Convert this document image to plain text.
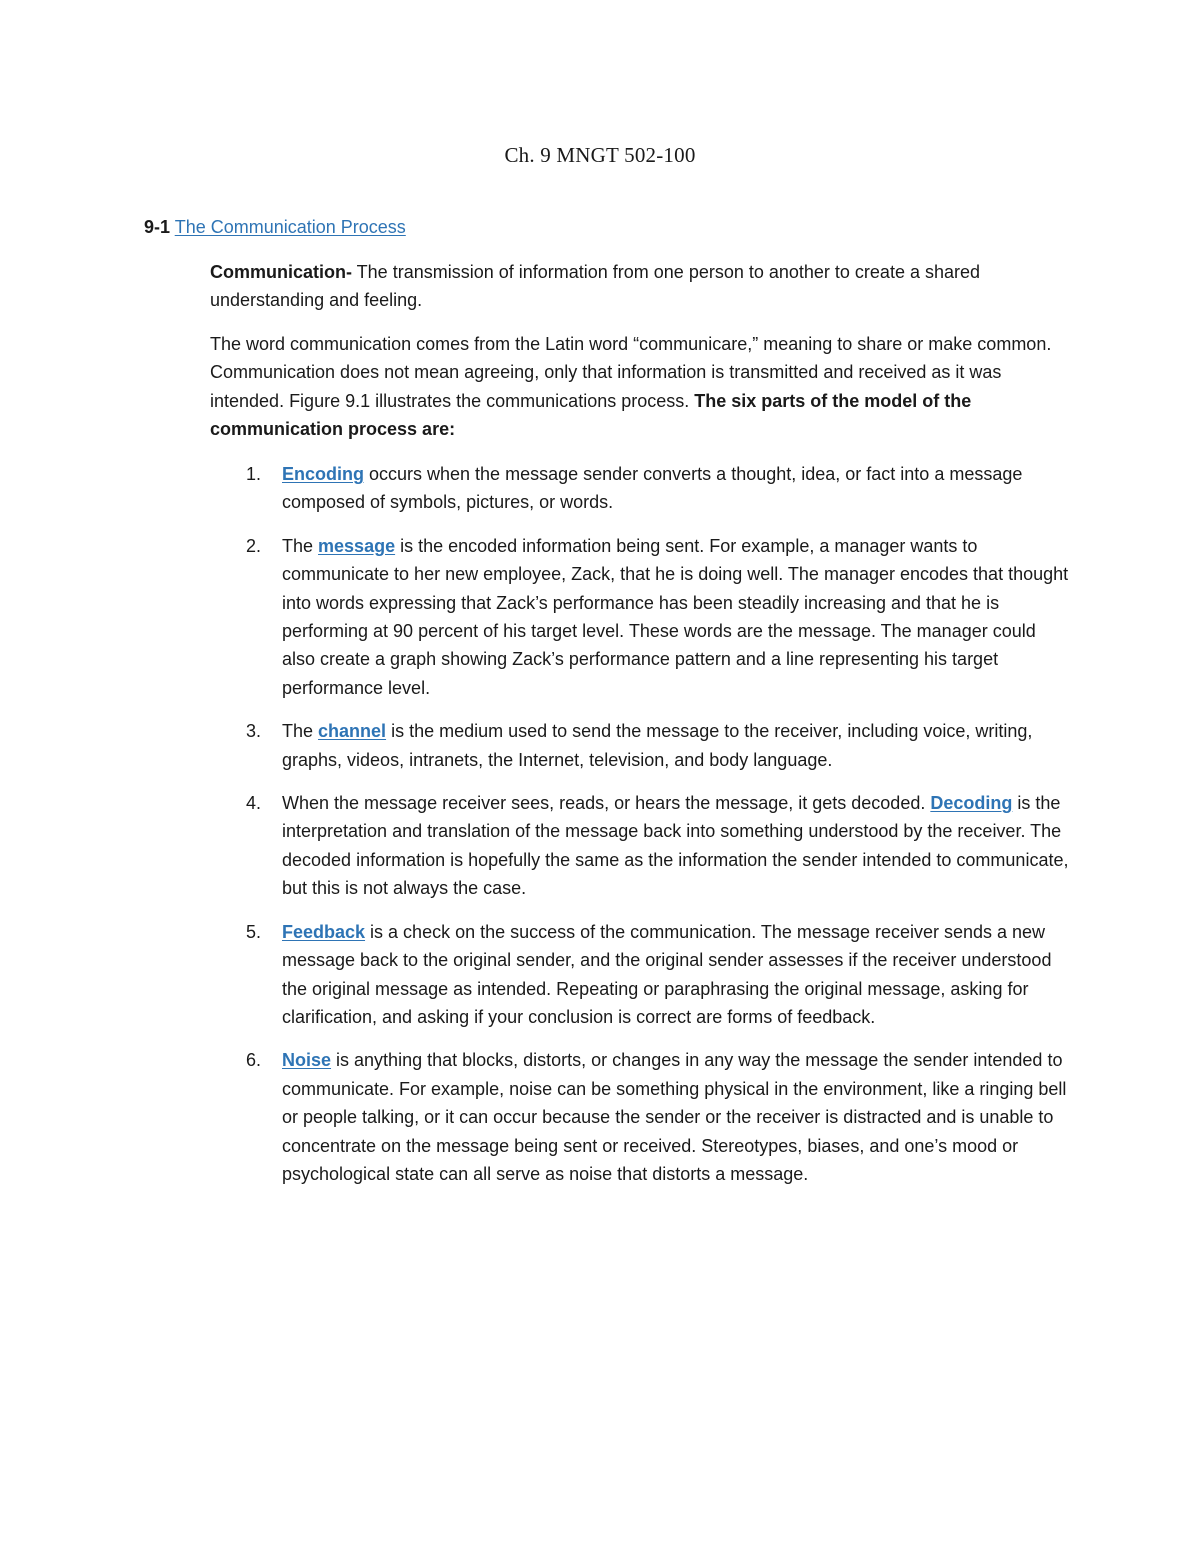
Ch. 9 MNGT 502-100
9-1 The Communication Process

Communication- The transmission of information from one person to another to create a shared understanding and feeling.

The word communication comes from the Latin word “communicare,” meaning to share or make common. Communication does not mean agreeing, only that information is transmitted and received as it was intended. Figure 9.1 illustrates the communications process. The six parts of the model of the communication process are:

1. Encoding occurs when the message sender converts a thought, idea, or fact into a message composed of symbols, pictures, or words.
2. The message is the encoded information being sent. For example, a manager wants to communicate to her new employee, Zack, that he is doing well. The manager encodes that thought into words expressing that Zack’s performance has been steadily increasing and that he is performing at 90 percent of his target level. These words are the message. The manager could also create a graph showing Zack’s performance pattern and a line representing his target performance level.
3. The channel is the medium used to send the message to the receiver, including voice, writing, graphs, videos, intranets, the Internet, television, and body language.
4. When the message receiver sees, reads, or hears the message, it gets decoded. Decoding is the interpretation and translation of the message back into something understood by the receiver. The decoded information is hopefully the same as the information the sender intended to communicate, but this is not always the case.
5. Feedback is a check on the success of the communication. The message receiver sends a new message back to the original sender, and the original sender assesses if the receiver understood the original message as intended. Repeating or paraphrasing the original message, asking for clarification, and asking if your conclusion is correct are forms of feedback.
6. Noise is anything that blocks, distorts, or changes in any way the message the sender intended to communicate. For example, noise can be something physical in the environment, like a ringing bell or people talking, or it can occur because the sender or the receiver is distracted and is unable to concentrate on the message being sent or received. Stereotypes, biases, and one’s mood or psychological state can all serve as noise that distorts a message.
